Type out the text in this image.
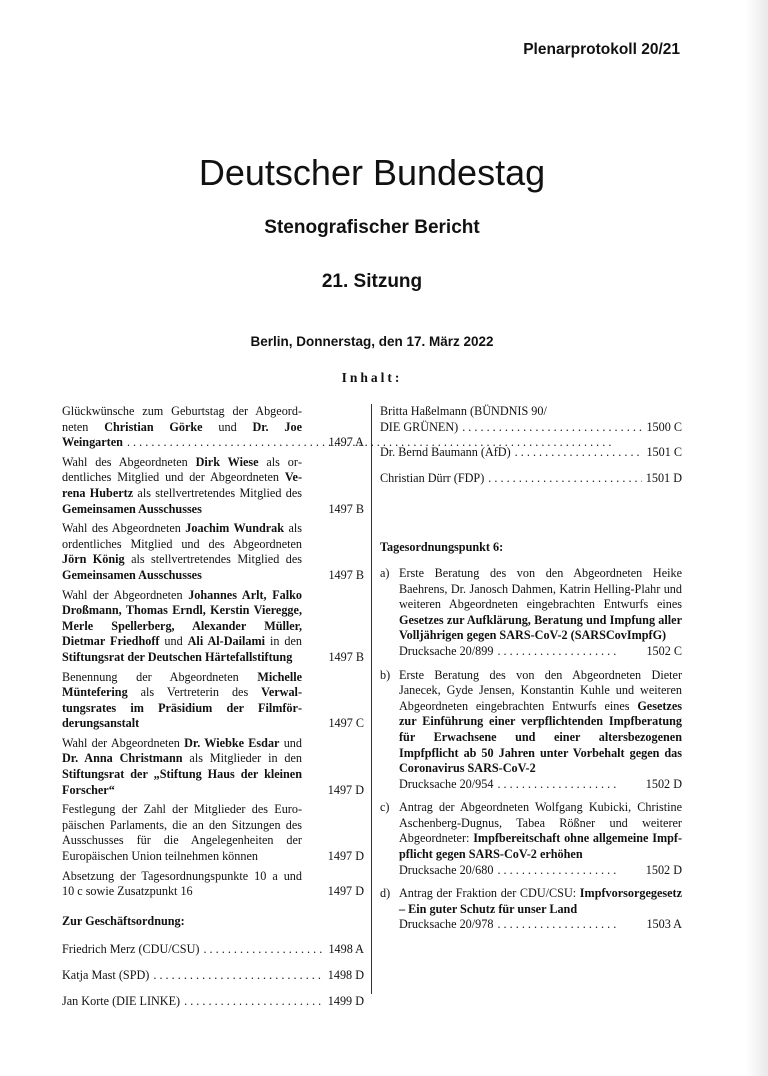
Plenarprotokoll 20/21
Deutscher Bundestag
Stenografischer Bericht
21. Sitzung
Berlin, Donnerstag, den 17. März 2022
Inhalt:
Glückwünsche zum Geburtstag der Abgeordneten Christian Görke und Dr. Joe Weingarten . . .	1497 A
Wahl des Abgeordneten Dirk Wiese als ordentliches Mitglied und der Abgeordneten Verena Hubertz als stellvertretendes Mitglied des Gemeinsamen Ausschusses	1497 B
Wahl des Abgeordneten Joachim Wundrak als ordentliches Mitglied und des Abgeordneten Jörn König als stellvertretendes Mitglied des Gemeinsamen Ausschusses	1497 B
Wahl der Abgeordneten Johannes Arlt, Falko Droßmann, Thomas Erndl, Kerstin Vieregge, Merle Spellerberg, Alexander Müller, Dietmar Friedhoff und Ali Al-Dailami in den Stiftungsrat der Deutschen Härtefallstiftung	1497 B
Benennung der Abgeordneten Michelle Müntefering als Vertreterin des Verwaltungsrates im Präsidium der Filmförderungsanstalt	1497 C
Wahl der Abgeordneten Dr. Wiebke Esdar und Dr. Anna Christmann als Mitglieder in den Stiftungsrat der „Stiftung Haus der kleinen Forscher“	1497 D
Festlegung der Zahl der Mitglieder des Europäischen Parlaments, die an den Sitzungen des Ausschusses für die Angelegenheiten der Europäischen Union teilnehmen können	1497 D
Absetzung der Tagesordnungspunkte 10 a und 10 c sowie Zusatzpunkt 16	1497 D
Zur Geschäftsordnung:
Friedrich Merz (CDU/CSU) . . .	1498 A
Katja Mast (SPD) . . .	1498 D
Jan Korte (DIE LINKE) . . .	1499 D
Britta Haßelmann (BÜNDNIS 90/
DIE GRÜNEN) . . .	1500 C
Dr. Bernd Baumann (AfD) . . .	1501 C
Christian Dürr (FDP) . . .	1501 D
Tagesordnungspunkt 6:
a) Erste Beratung des von den Abgeordneten Heike Baehrens, Dr. Janosch Dahmen, Katrin Helling-Plahr und weiteren Abgeordneten eingebrachten Entwurfs eines Gesetzes zur Aufklärung, Beratung und Impfung aller Volljährigen gegen SARS-CoV-2 (SARSCovImpfG)
Drucksache 20/899 . . .	1502 C
b) Erste Beratung des von den Abgeordneten Dieter Janecek, Gyde Jensen, Konstantin Kuhle und weiteren Abgeordneten eingebrachten Entwurfs eines Gesetzes zur Einführung einer verpflichtenden Impfberatung für Erwachsene und einer altersbezogenen Impfpflicht ab 50 Jahren unter Vorbehalt gegen das Coronavirus SARS-CoV-2
Drucksache 20/954 . . .	1502 D
c) Antrag der Abgeordneten Wolfgang Kubicki, Christine Aschenberg-Dugnus, Tabea Rößner und weiterer Abgeordneter: Impfbereitschaft ohne allgemeine Impfpflicht gegen SARS-CoV-2 erhöhen
Drucksache 20/680 . . .	1502 D
d) Antrag der Fraktion der CDU/CSU: Impfvorsorgegesetz – Ein guter Schutz für unser Land
Drucksache 20/978 . . .	1503 A
